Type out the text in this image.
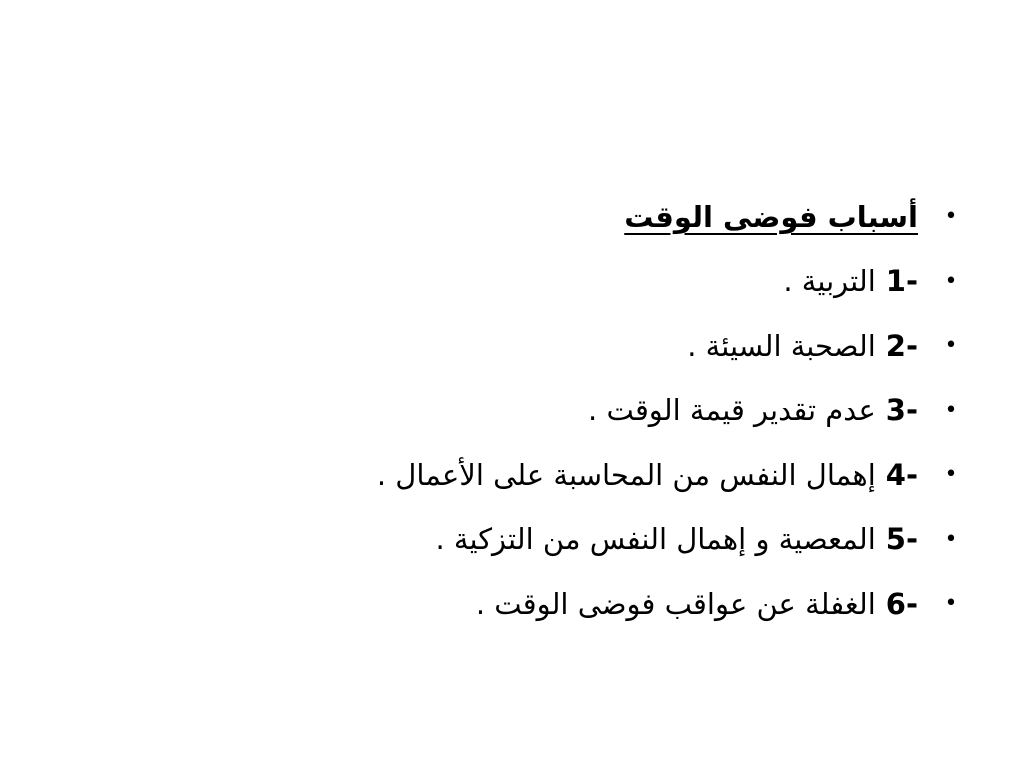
•
أسباب فوضى الوقت
•
1-
التربية .
•
2-
الصحبة السيئة .
•
3-
عدم تقدير قيمة الوقت .
•
4-
إهمال النفس من المحاسبة على الأعمال .
•
5-
المعصية و إهمال النفس من التزكية .
•
6-
الغفلة عن عواقب فوضى الوقت .
